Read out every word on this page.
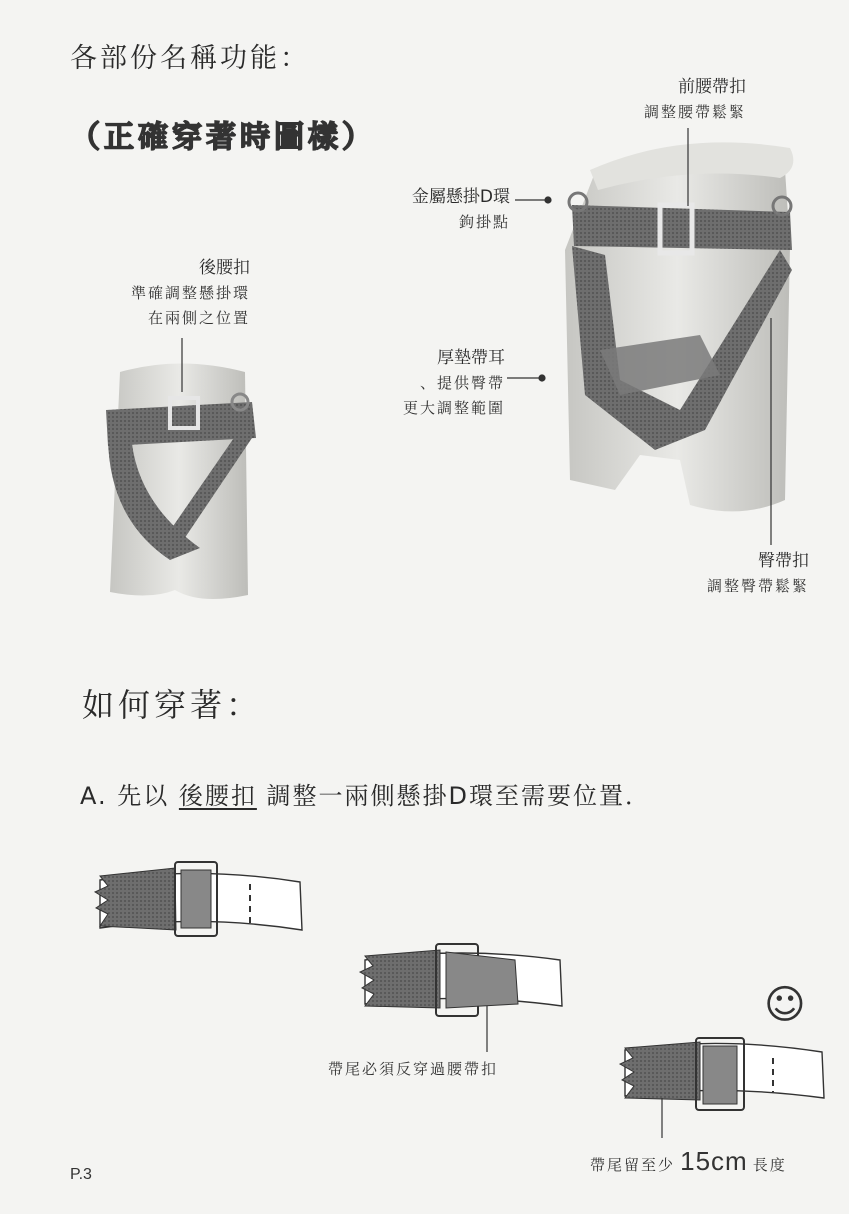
各部份名稱功能：
（正確穿著時圖樣）
前腰帶扣
調整腰帶鬆緊
金屬懸掛D環
鉤掛點
後腰扣
準確調整懸掛環
在兩側之位置
厚墊帶耳
、提供臀帶
更大調整範圍
臀帶扣
調整臀帶鬆緊
如何穿著：
A. 先以 後腰扣 調整一兩側懸掛D環至需要位置．
帶尾必須反穿過腰帶扣
☺
帶尾留至少 15cm 長度
P.3
